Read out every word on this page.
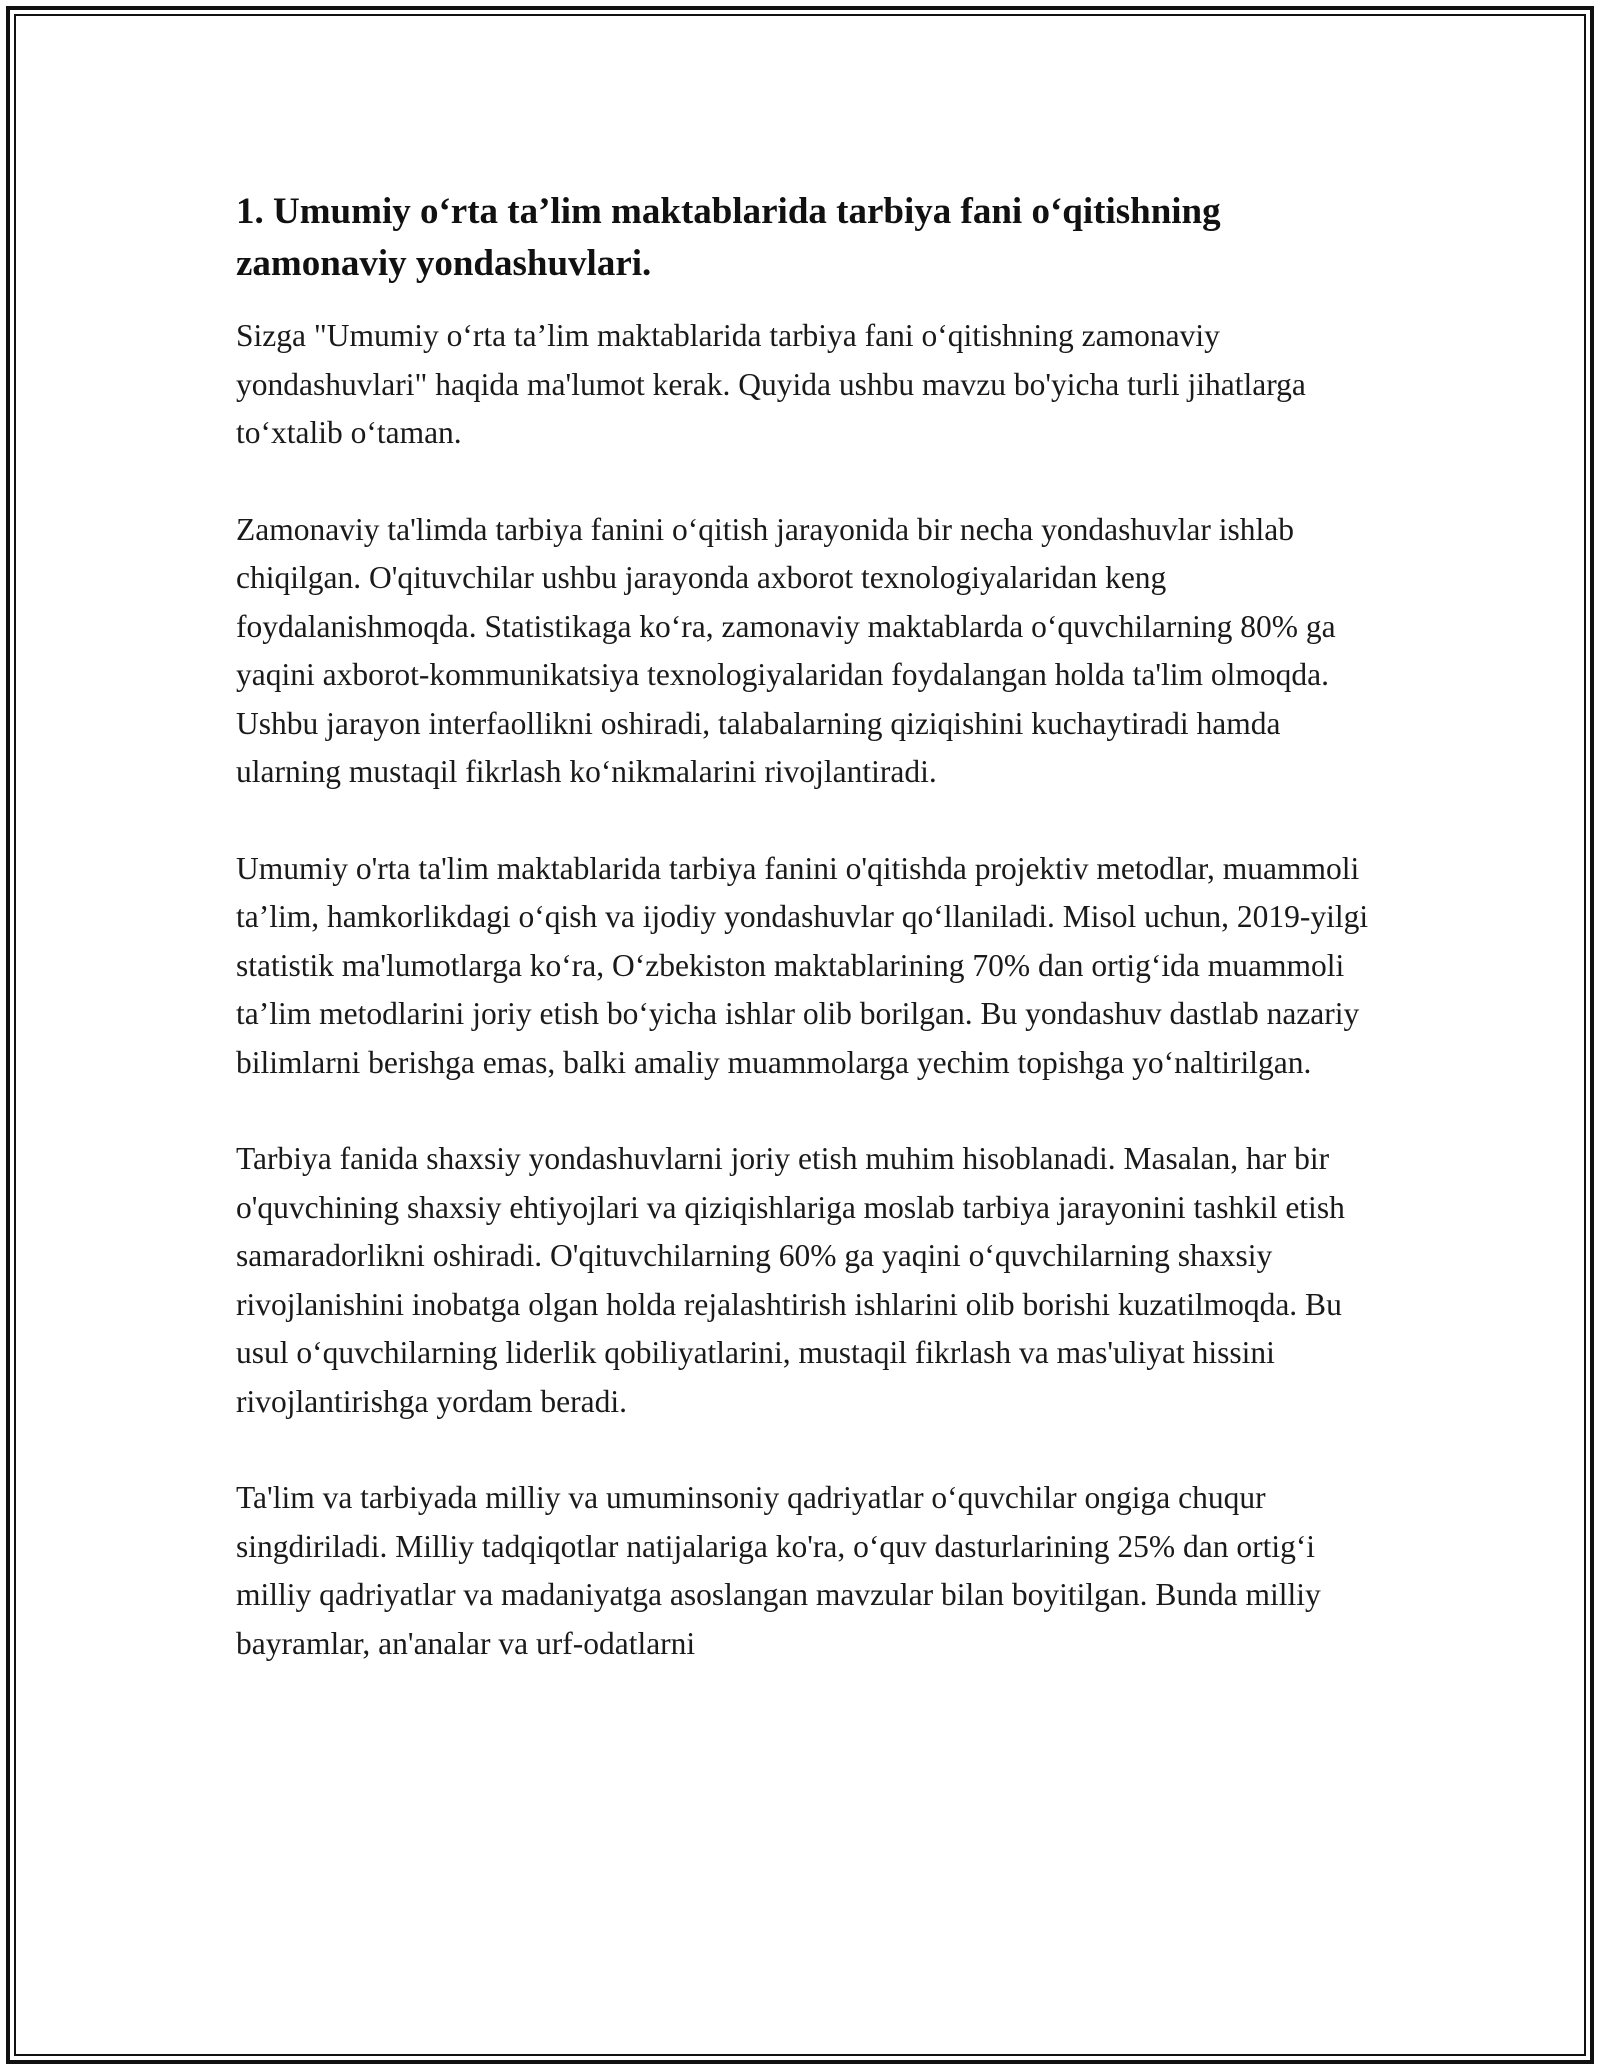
1. Umumiy o‘rta ta’lim maktablarida tarbiya fani o‘qitishning zamonaviy yondashuvlari.

Sizga "Umumiy o‘rta ta’lim maktablarida tarbiya fani o‘qitishning zamonaviy yondashuvlari" haqida ma'lumot kerak. Quyida ushbu mavzu bo'yicha turli jihatlarga to‘xtalib o‘taman.

Zamonaviy ta'limda tarbiya fanini o‘qitish jarayonida bir necha yondashuvlar ishlab chiqilgan. O'qituvchilar ushbu jarayonda axborot texnologiyalaridan keng foydalanishmoqda. Statistikaga ko‘ra, zamonaviy maktablarda o‘quvchilarning 80% ga yaqini axborot-kommunikatsiya texnologiyalaridan foydalangan holda ta'lim olmoqda. Ushbu jarayon interfaollikni oshiradi, talabalarning qiziqishini kuchaytiradi hamda ularning mustaqil fikrlash ko‘nikmalarini rivojlantiradi.

Umumiy o'rta ta'lim maktablarida tarbiya fanini o'qitishda projektiv metodlar, muammoli ta’lim, hamkorlikdagi o‘qish va ijodiy yondashuvlar qo‘llaniladi. Misol uchun, 2019-yilgi statistik ma'lumotlarga ko‘ra, O‘zbekiston maktablarining 70% dan ortig‘ida muammoli ta’lim metodlarini joriy etish bo‘yicha ishlar olib borilgan. Bu yondashuv dastlab nazariy bilimlarni berishga emas, balki amaliy muammolarga yechim topishga yo‘naltirilgan.

Tarbiya fanida shaxsiy yondashuvlarni joriy etish muhim hisoblanadi. Masalan, har bir o'quvchining shaxsiy ehtiyojlari va qiziqishlariga moslab tarbiya jarayonini tashkil etish samaradorlikni oshiradi. O'qituvchilarning 60% ga yaqini o‘quvchilarning shaxsiy rivojlanishini inobatga olgan holda rejalashtirish ishlarini olib borishi kuzatilmoqda. Bu usul o‘quvchilarning liderlik qobiliyatlarini, mustaqil fikrlash va mas'uliyat hissini rivojlantirishga yordam beradi.

Ta'lim va tarbiyada milliy va umuminsoniy qadriyatlar o‘quvchilar ongiga chuqur singdiriladi. Milliy tadqiqotlar natijalariga ko'ra, o‘quv dasturlarining 25% dan ortig‘i milliy qadriyatlar va madaniyatga asoslangan mavzular bilan boyitilgan. Bunda milliy bayramlar, an'analar va urf-odatlarni
